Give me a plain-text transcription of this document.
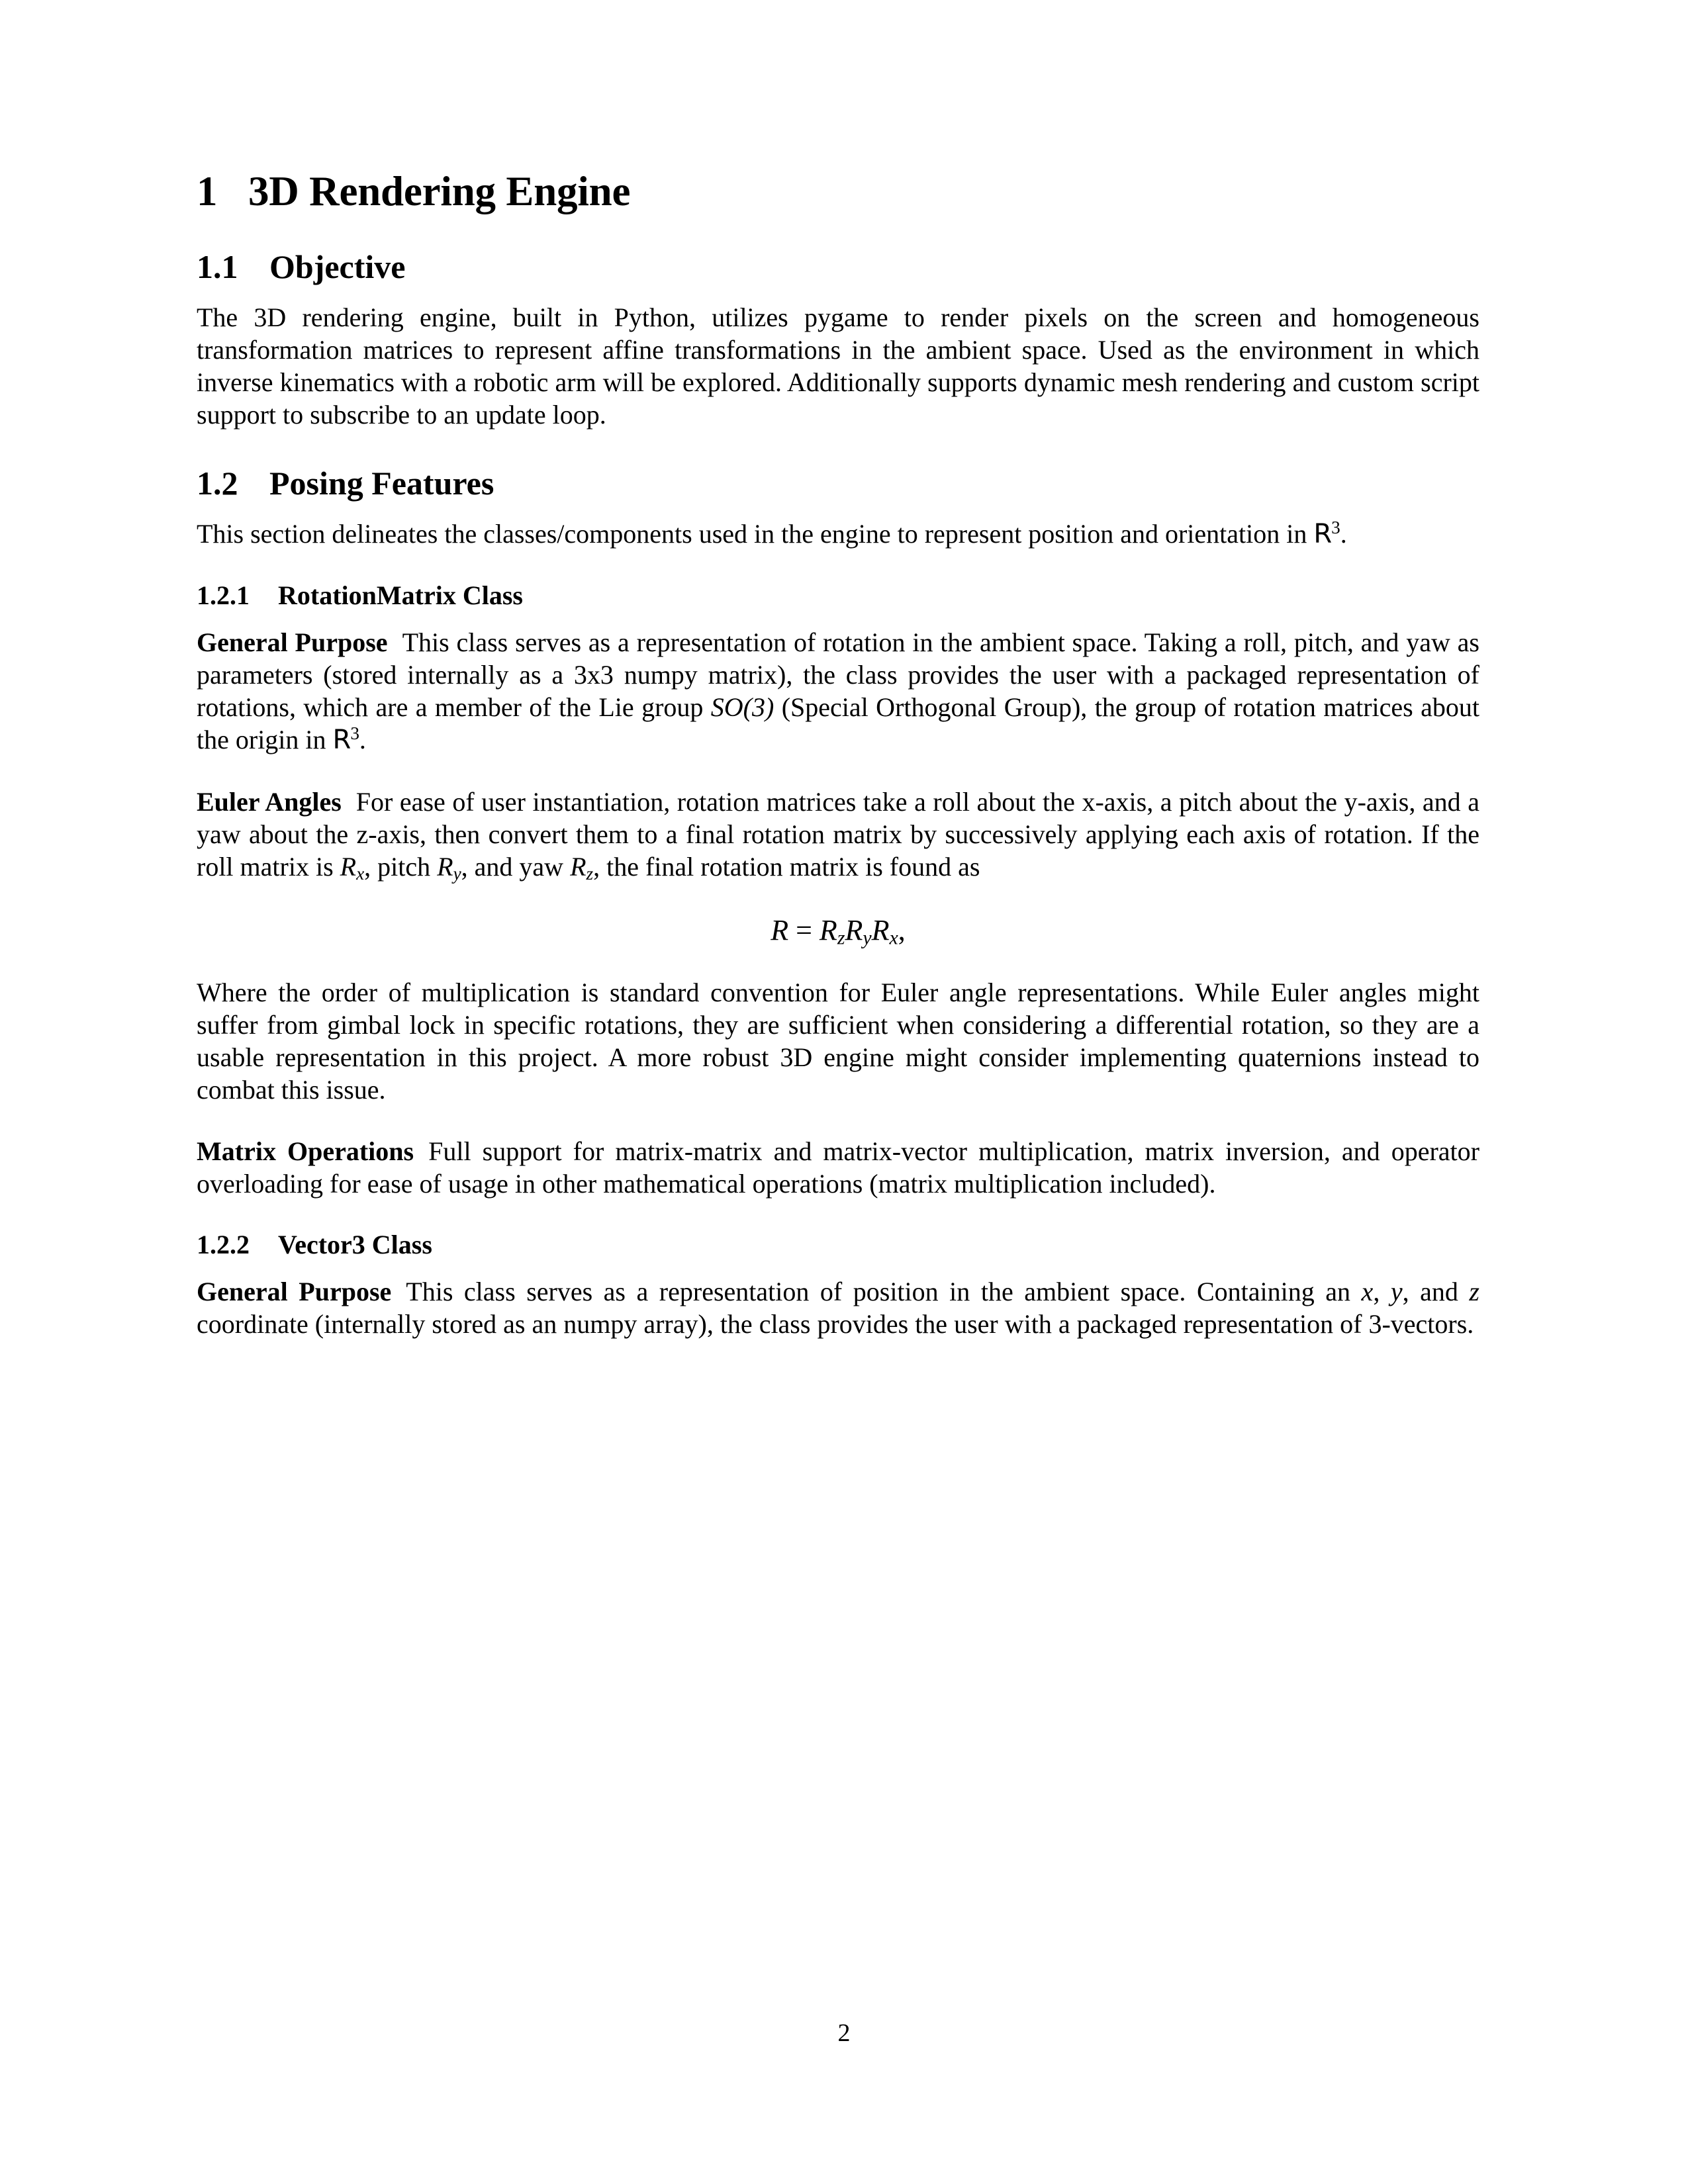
1 3D Rendering Engine
1.1 Objective

The 3D rendering engine, built in Python, utilizes pygame to render pixels on the screen and homogeneous transformation matrices to represent affine transformations in the ambient space. Used as the environment in which inverse kinematics with a robotic arm will be explored. Additionally supports dynamic mesh rendering and custom script support to subscribe to an update loop.

1.2 Posing Features

This section delineates the classes/components used in the engine to represent position and orientation in $R^3$.

1.2.1 RotationMatrix Class

General Purpose This class serves as a representation of rotation in the ambient space. Taking a roll, pitch, and yaw as parameters (stored internally as a 3x3 numpy matrix), the class provides the user with a packaged representation of rotations, which are a member of the Lie group SO(3) (Special Orthogonal Group), the group of rotation matrices about the origin in $R^3$.

Euler Angles For ease of user instantiation, rotation matrices take a roll about the x-axis, a pitch about the y-axis, and a yaw about the z-axis, then convert them to a final rotation matrix by successively applying each axis of rotation. If the roll matrix is $R_x$, pitch $R_y$, and yaw $R_z$, the final rotation matrix is found as

$R = R_zR_yR_x$,

Where the order of multiplication is standard convention for Euler angle representations. While Euler angles might suffer from gimbal lock in specific rotations, they are sufficient when considering a differential rotation, so they are a usable representation in this project. A more robust 3D engine might consider implementing quaternions instead to combat this issue.

Matrix Operations Full support for matrix-matrix and matrix-vector multiplication, matrix inversion, and operator overloading for ease of usage in other mathematical operations (matrix multiplication included).

1.2.2 Vector3 Class

General Purpose This class serves as a representation of position in the ambient space. Containing an x, y, and z coordinate (internally stored as an numpy array), the class provides the user with a packaged representation of 3-vectors.

2
